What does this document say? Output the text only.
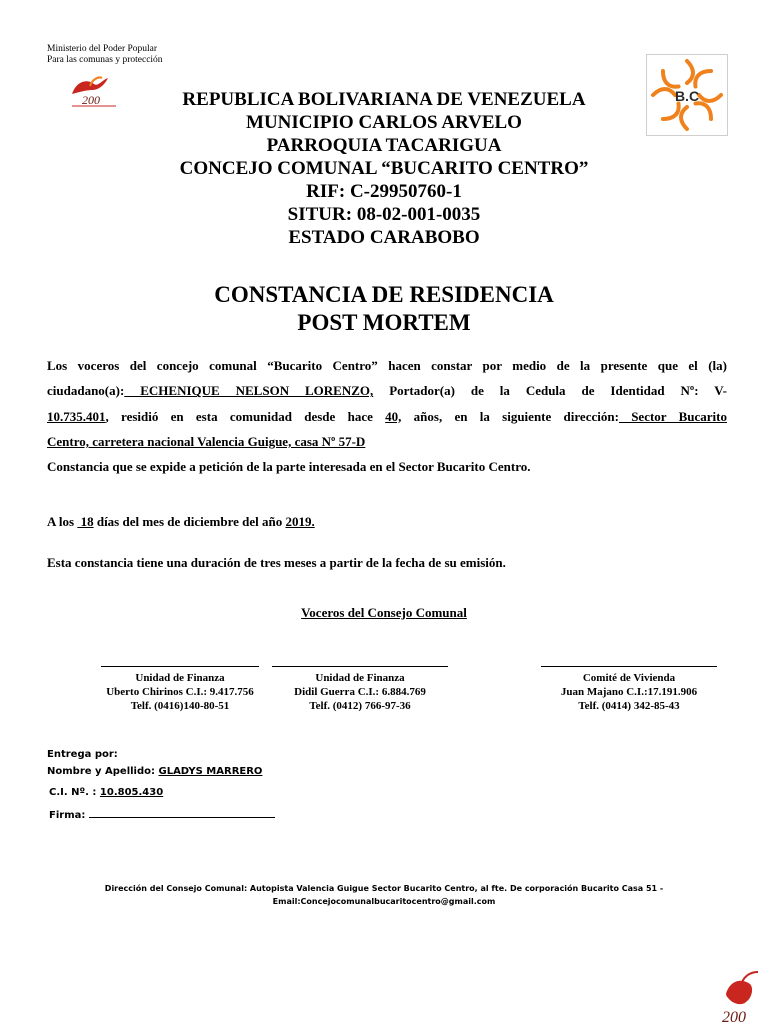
Ministerio del Poder Popular
Para las comunas y protección
200	B.C
REPUBLICA BOLIVARIANA DE VENEZUELA
MUNICIPIO CARLOS ARVELO
PARROQUIA TACARIGUA
CONCEJO COMUNAL “BUCARITO CENTRO”
RIF: C-29950760-1
SITUR: 08-02-001-0035
ESTADO CARABOBO
CONSTANCIA DE RESIDENCIA
POST MORTEM
Los voceros del concejo comunal “Bucarito Centro” hacen constar por medio de la presente que el (la)
ciudadano(a): ECHENIQUE NELSON LORENZO, Portador(a) de la Cedula de Identidad Nº: V-
10.735.401, residió en esta comunidad desde hace 40, años, en la siguiente dirección: Sector Bucarito
Centro, carretera nacional Valencia Guigue, casa Nº 57-D
Constancia que se expide a petición de la parte interesada en el Sector Bucarito Centro.
A los  18 días del mes de diciembre del año 2019.
Esta constancia tiene una duración de tres meses a partir de la fecha de su emisión.
Voceros del Consejo Comunal
Unidad de Finanza
Uberto Chirinos C.I.: 9.417.756
Telf. (0416)140-80-51
Unidad de Finanza
Didil Guerra C.I.: 6.884.769
Telf. (0412) 766-97-36
Comité de Vivienda
Juan Majano C.I.:17.191.906
Telf. (0414) 342-85-43
Entrega por:
Nombre y Apellido: GLADYS MARRERO
C.I. Nº. : 10.805.430
Firma:
Dirección del Consejo Comunal: Autopista Valencia Guigue Sector Bucarito Centro, al fte. De corporación Bucarito Casa 51 -
Email:Concejocomunalbucaritocentro@gmail.com
200
